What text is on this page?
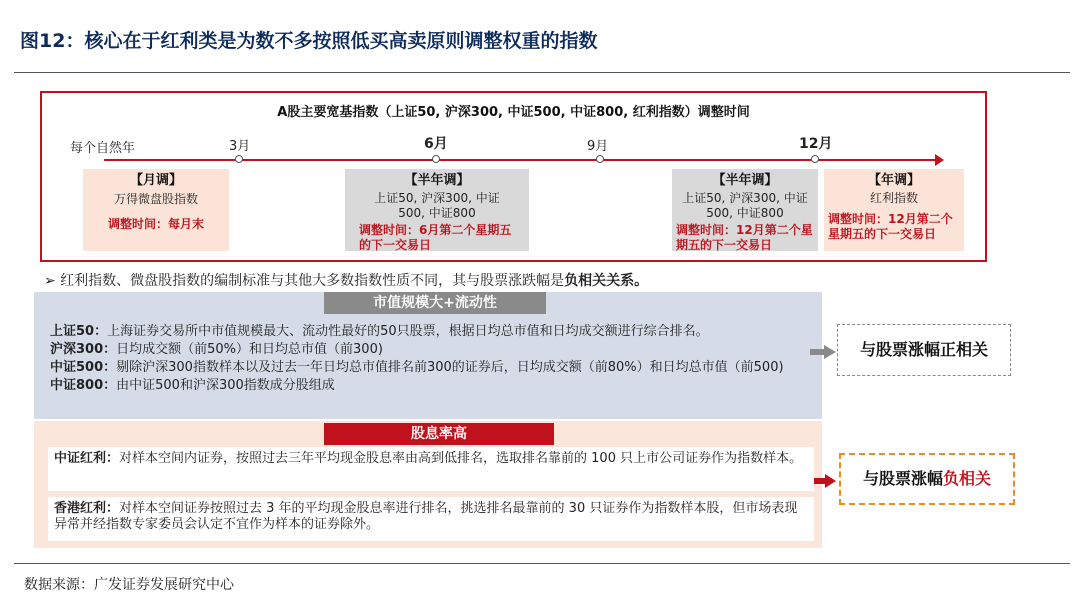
图12：核心在于红利类是为数不多按照低买高卖原则调整权重的指数
A股主要宽基指数（上证50, 沪深300, 中证500, 中证800, 红利指数）调整时间
每个自然年	3月	6月	9月	12月
【月调】
万得微盘股指数
调整时间：每月末
【半年调】
上证50, 沪深300, 中证500, 中证800
调整时间：6月第二个星期五的下一交易日
【半年调】
上证50, 沪深300, 中证500, 中证800
调整时间：12月第二个星期五的下一交易日
【年调】
红利指数
调整时间：12月第二个星期五的下一交易日
➢ 红利指数、微盘股指数的编制标准与其他大多数指数性质不同，其与股票涨跌幅是负相关关系。
市值规模大+流动性
上证50：上海证券交易所中市值规模最大、流动性最好的50只股票，根据日均总市值和日均成交额进行综合排名。
沪深300：日均成交额（前50%）和日均总市值（前300)
中证500：剔除沪深300指数样本以及过去一年日均总市值排名前300的证券后，日均成交额（前80%）和日均总市值（前500)
中证800：由中证500和沪深300指数成分股组成
股息率高
中证红利：对样本空间内证券，按照过去三年平均现金股息率由高到低排名，选取排名靠前的 100 只上市公司证券作为指数样本。
香港红利：对样本空间证券按照过去 3 年的平均现金股息率进行排名，挑选排名最靠前的 30 只证券作为指数样本股，但市场表现异常并经指数专家委员会认定不宜作为样本的证券除外。
与股票涨幅正相关
与股票涨幅负相关
数据来源：广发证券发展研究中心
